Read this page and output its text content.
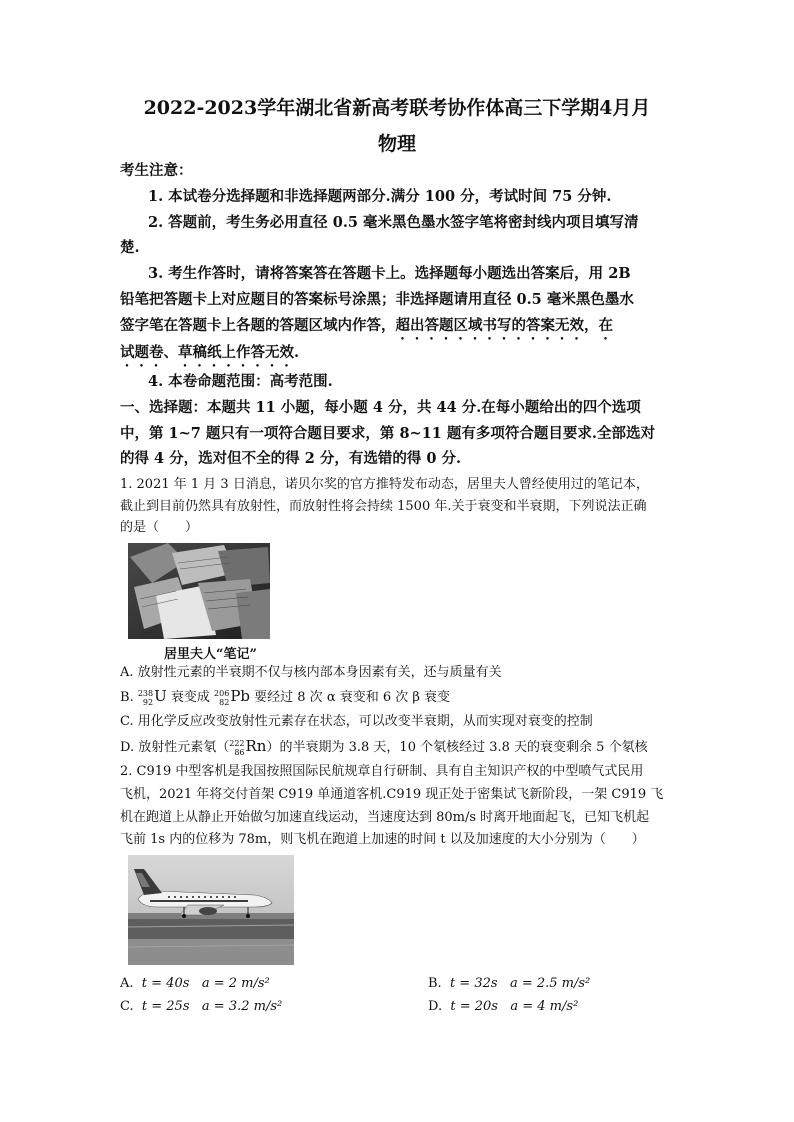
2022-2023学年湖北省新高考联考协作体高三下学期4月月
物理
考生注意：
1. 本试卷分选择题和非选择题两部分.满分 100 分，考试时间 75 分钟.
2. 答题前，考生务必用直径 0.5 毫米黑色墨水签字笔将密封线内项目填写清
楚.
3. 考生作答时，请将答案答在答题卡上。选择题每小题选出答案后，用 2B
铅笔把答题卡上对应题目的答案标号涂黑；非选择题请用直径 0.5 毫米黑色墨水
签字笔在答题卡上各题的答题区域内作答，超出答题区域书写的答案无效，在
试题卷、草稿纸上作答无效.
4. 本卷命题范围：高考范围.
一、选择题：本题共 11 小题，每小题 4 分，共 44 分.在每小题给出的四个选项
中，第 1~7 题只有一项符合题目要求，第 8~11 题有多项符合题目要求.全部选对
的得 4 分，选对但不全的得 2 分，有选错的得 0 分.
1. 2021 年 1 月 3 日消息，诺贝尔奖的官方推特发布动态，居里夫人曾经使用过的笔记本，
截止到目前仍然具有放射性，而放射性将会持续 1500 年.关于衰变和半衰期，下列说法正确
的是（　　）
居里夫人“笔记”
A. 放射性元素的半衰期不仅与核内部本身因素有关，还与质量有关
B. 238
92 U 衰变成 206
82 Pb 要经过 8 次 α 衰变和 6 次 β 衰变
C. 用化学反应改变放射性元素存在状态，可以改变半衰期，从而实现对衰变的控制
D. 放射性元素氡（ 222
86 Rn）的半衰期为 3.8 天，10 个氡核经过 3.8 天的衰变剩余 5 个氡核
2. C919 中型客机是我国按照国际民航规章自行研制、具有自主知识产权的中型喷气式民用
飞机，2021 年将交付首架 C919 单通道客机.C919 现正处于密集试飞新阶段，一架 C919 飞
机在跑道上从静止开始做匀加速直线运动，当速度达到 80m/s 时离开地面起飞，已知飞机起
飞前 1s 内的位移为 78m，则飞机在跑道上加速的时间 t 以及加速度的大小分别为（　　）
A. t = 40s a = 2 m/s²	B. t = 32s a = 2.5 m/s²
C. t = 25s a = 3.2 m/s²	D. t = 20s a = 4 m/s²
